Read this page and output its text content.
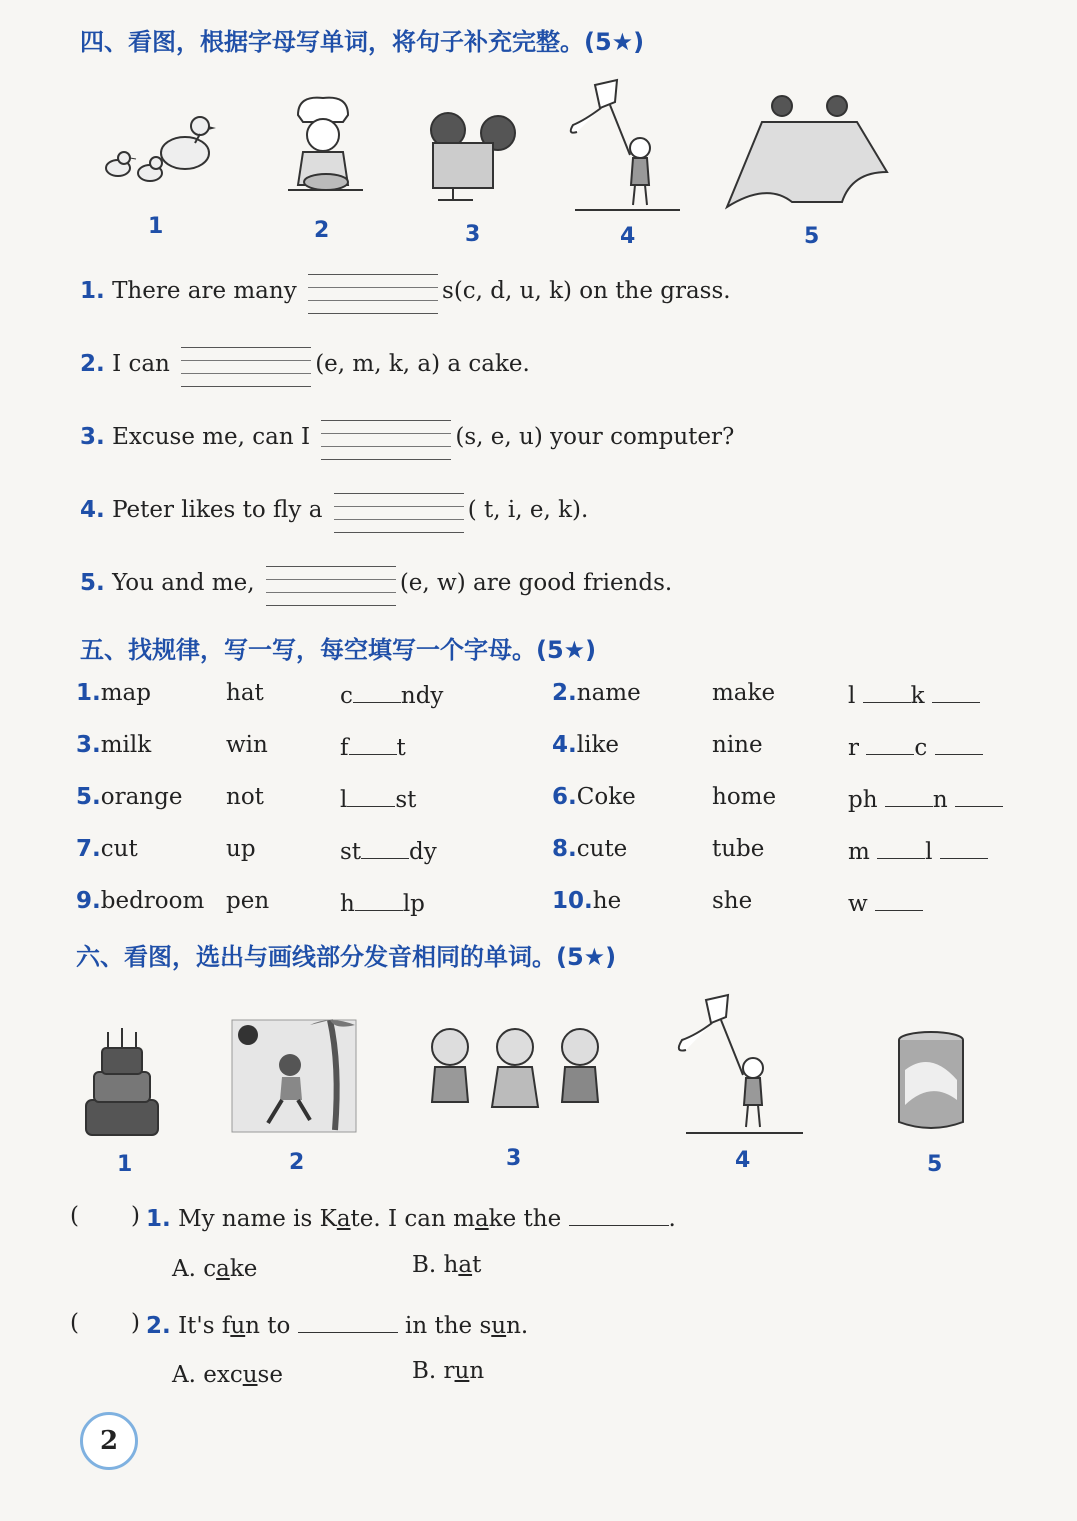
四、看图，根据字母写单词，将句子补充完整。(5★)
1	2	3	4	5
1. There are many	s(c, d, u, k) on the grass.
2. I can	(e, m, k, a) a cake.
3. Excuse me, can I	(s, e, u) your computer?
4. Peter likes to fly a	( t, i, e, k).
5. You and me,	(e, w) are good friends.
五、找规律，写一写，每空填写一个字母。(5★)
1.map	hat	c ndy	2.name	make	l k
3.milk	win	f t	4.like	nine	r c
5.orange not	l st	6.Coke	home	ph n
7.cut	up	st dy	8.cute	tube	m l
9.bedroom pen	h lp	10.he	she	w
六、看图，选出与画线部分发音相同的单词。(5★)
1	2	3	4	5
( ) 1. My name is Kate. I can make the	.
A. cake	B. hat
( ) 2. It's fun to	in the sun.
A. excuse	B. run
2
